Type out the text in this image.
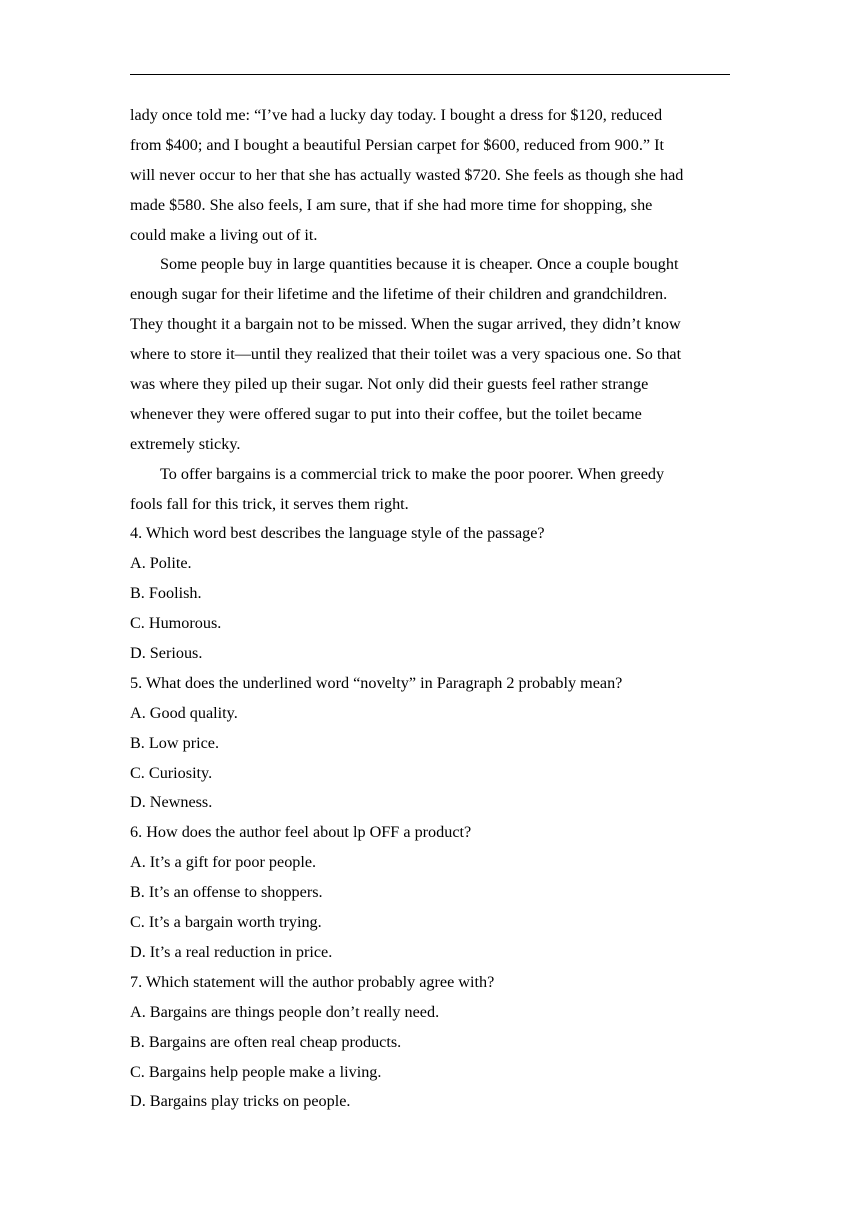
lady once told me: “I’ve had a lucky day today. I bought a dress for $120, reduced
from $400; and I bought a beautiful Persian carpet for $600, reduced from 900.” It
will never occur to her that she has actually wasted $720. She feels as though she had
made $580. She also feels, I am sure, that if she had more time for shopping, she
could make a living out of it.
Some people buy in large quantities because it is cheaper. Once a couple bought
enough sugar for their lifetime and the lifetime of their children and grandchildren.
They thought it a bargain not to be missed. When the sugar arrived, they didn’t know
where to store it—until they realized that their toilet was a very spacious one. So that
was where they piled up their sugar. Not only did their guests feel rather strange
whenever they were offered sugar to put into their coffee, but the toilet became
extremely sticky.
To offer bargains is a commercial trick to make the poor poorer. When greedy
fools fall for this trick, it serves them right.
4. Which word best describes the language style of the passage?
A. Polite.
B. Foolish.
C. Humorous.
D. Serious.
5. What does the underlined word “novelty” in Paragraph 2 probably mean?
A. Good quality.
B. Low price.
C. Curiosity.
D. Newness.
6. How does the author feel about lp OFF a product?
A. It’s a gift for poor people.
B. It’s an offense to shoppers.
C. It’s a bargain worth trying.
D. It’s a real reduction in price.
7. Which statement will the author probably agree with?
A. Bargains are things people don’t really need.
B. Bargains are often real cheap products.
C. Bargains help people make a living.
D. Bargains play tricks on people.
